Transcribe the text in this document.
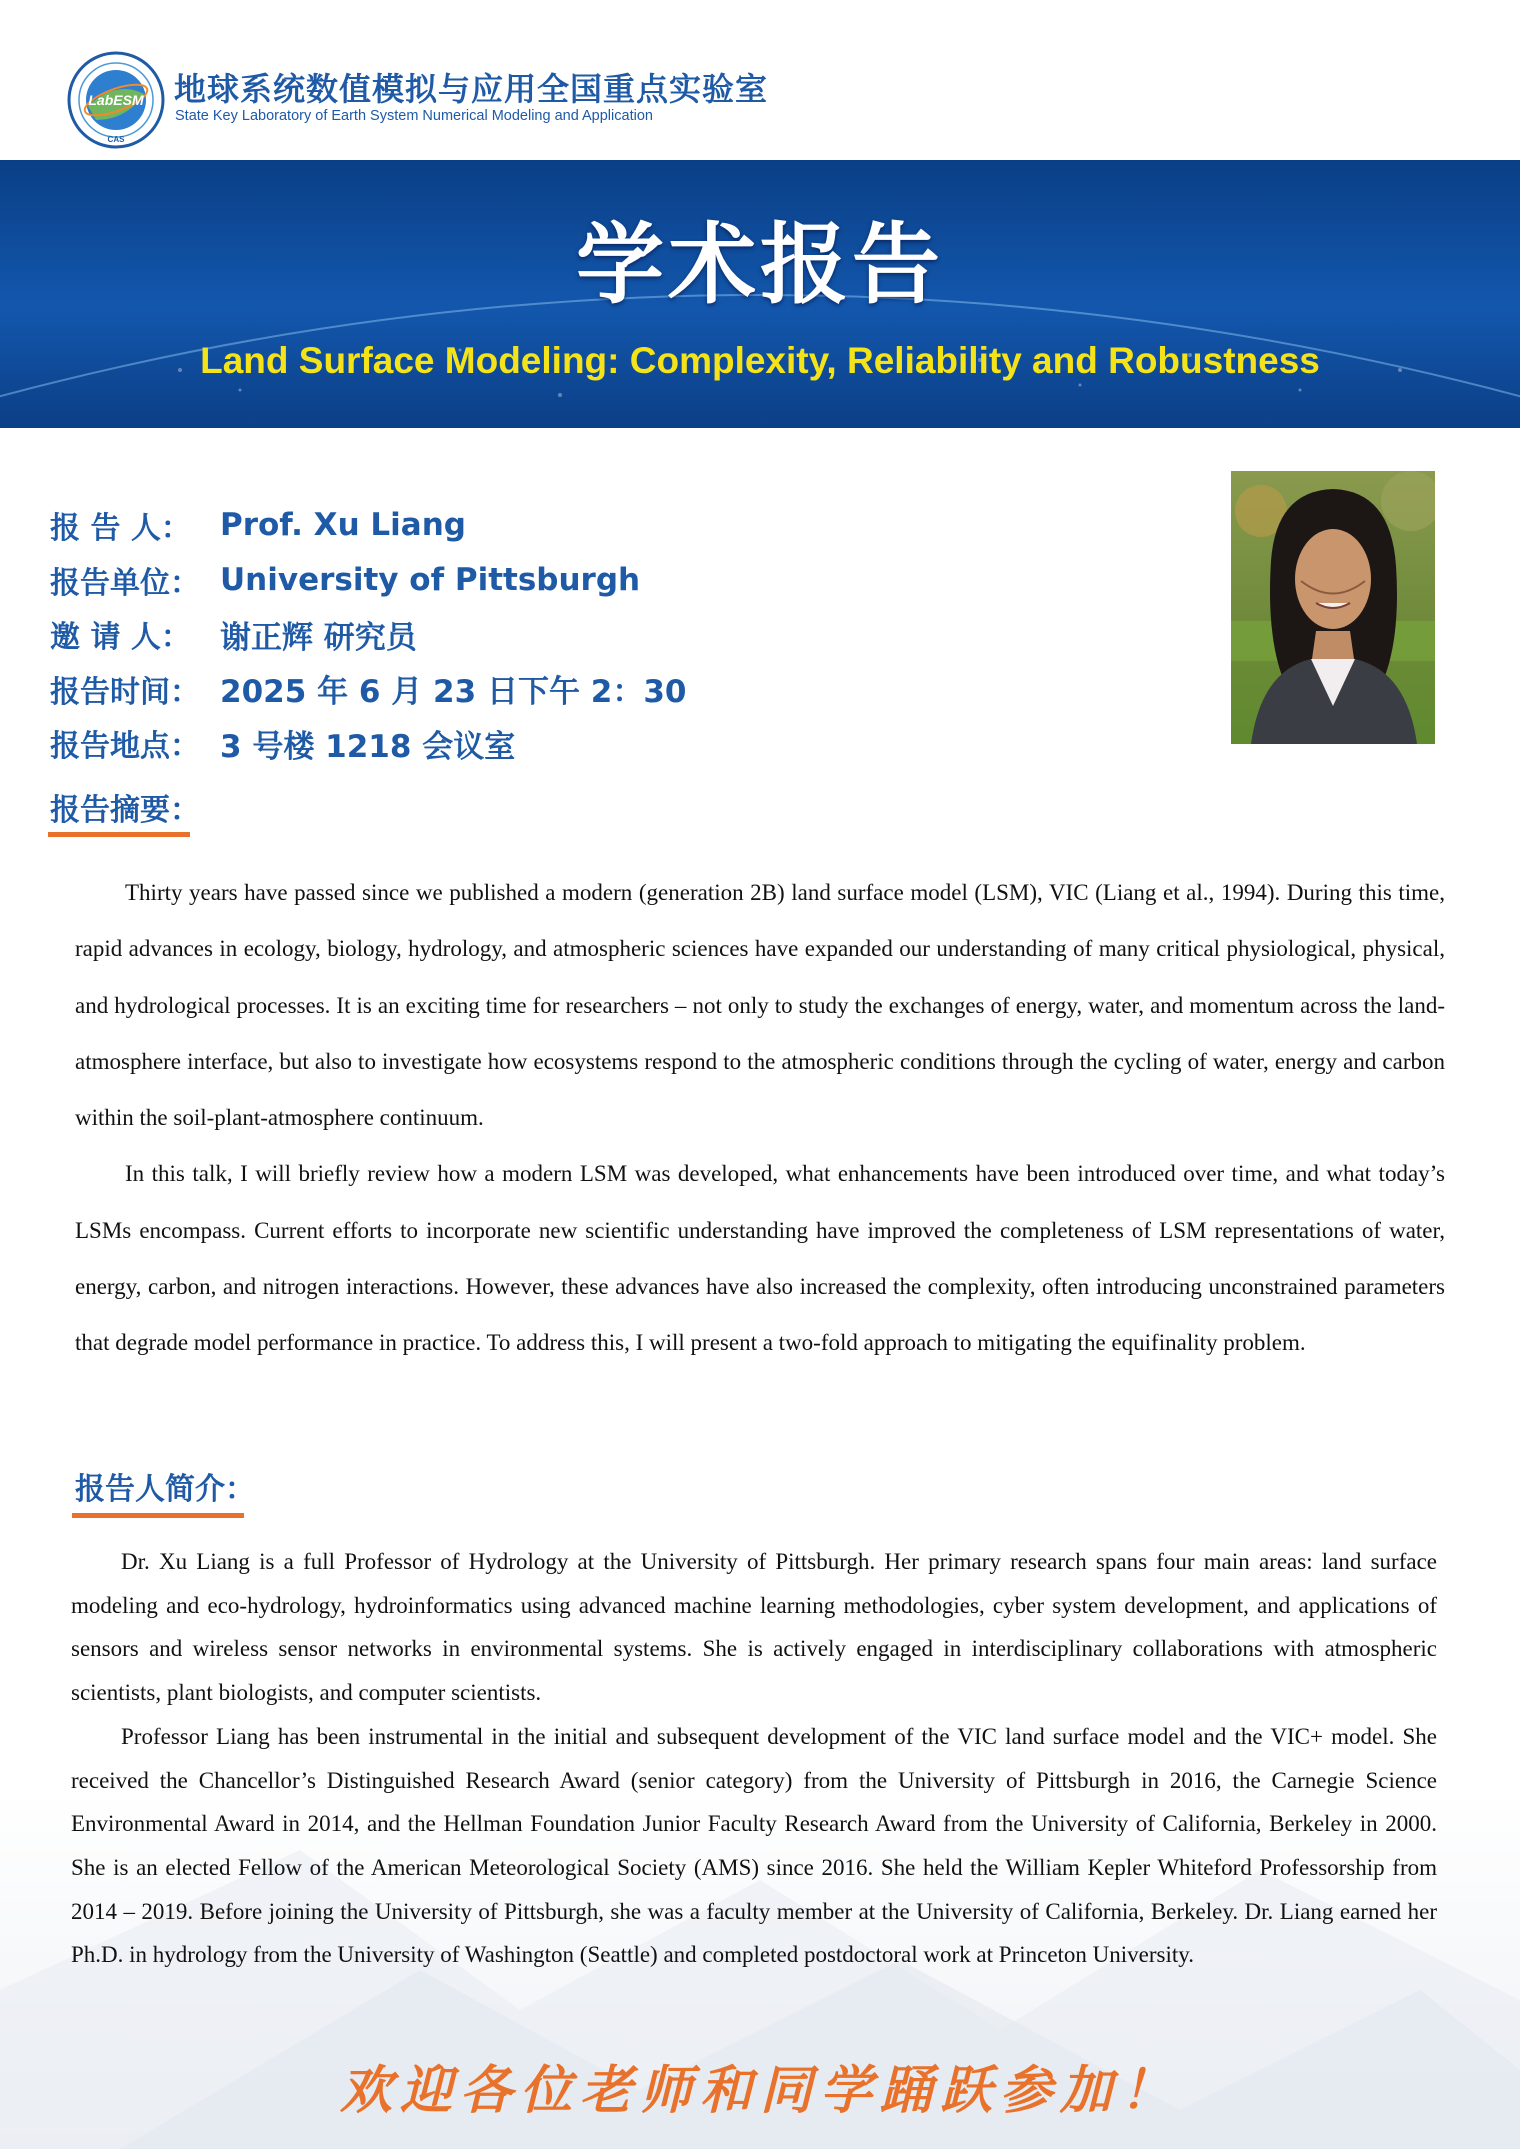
LabESM
CAS
地球系统数值模拟与应用全国重点实验室
State Key Laboratory of Earth System Numerical Modeling and Application
学术报告
Land Surface Modeling: Complexity, Reliability and Robustness
报 告 人： Prof. Xu Liang
报告单位： University of Pittsburgh
邀 请 人： 谢正辉 研究员
报告时间： 2025 年 6 月 23 日下午 2：30
报告地点： 3 号楼 1218 会议室
报告摘要：

Thirty years have passed since we published a modern (generation 2B) land surface model (LSM), VIC (Liang et al., 1994). During this time, rapid advances in ecology, biology, hydrology, and atmospheric sciences have expanded our understanding of many critical physiological, physical, and hydrological processes. It is an exciting time for researchers – not only to study the exchanges of energy, water, and momentum across the land-atmosphere interface, but also to investigate how ecosystems respond to the atmospheric conditions through the cycling of water, energy and carbon within the soil-plant-atmosphere continuum.

In this talk, I will briefly review how a modern LSM was developed, what enhancements have been introduced over time, and what today’s LSMs encompass. Current efforts to incorporate new scientific understanding have improved the completeness of LSM representations of water, energy, carbon, and nitrogen interactions. However, these advances have also increased the complexity, often introducing unconstrained parameters that degrade model performance in practice. To address this, I will present a two-fold approach to mitigating the equifinality problem.

报告人简介：

Dr. Xu Liang is a full Professor of Hydrology at the University of Pittsburgh. Her primary research spans four main areas: land surface modeling and eco-hydrology, hydroinformatics using advanced machine learning methodologies, cyber system development, and applications of sensors and wireless sensor networks in environmental systems. She is actively engaged in interdisciplinary collaborations with atmospheric scientists, plant biologists, and computer scientists.

Professor Liang has been instrumental in the initial and subsequent development of the VIC land surface model and the VIC+ model. She received the Chancellor’s Distinguished Research Award (senior category) from the University of Pittsburgh in 2016, the Carnegie Science Environmental Award in 2014, and the Hellman Foundation Junior Faculty Research Award from the University of California, Berkeley in 2000. She is an elected Fellow of the American Meteorological Society (AMS) since 2016. She held the William Kepler Whiteford Professorship from 2014 – 2019. Before joining the University of Pittsburgh, she was a faculty member at the University of California, Berkeley. Dr. Liang earned her Ph.D. in hydrology from the University of Washington (Seattle) and completed postdoctoral work at Princeton University.

欢迎各位老师和同学踊跃参加！
